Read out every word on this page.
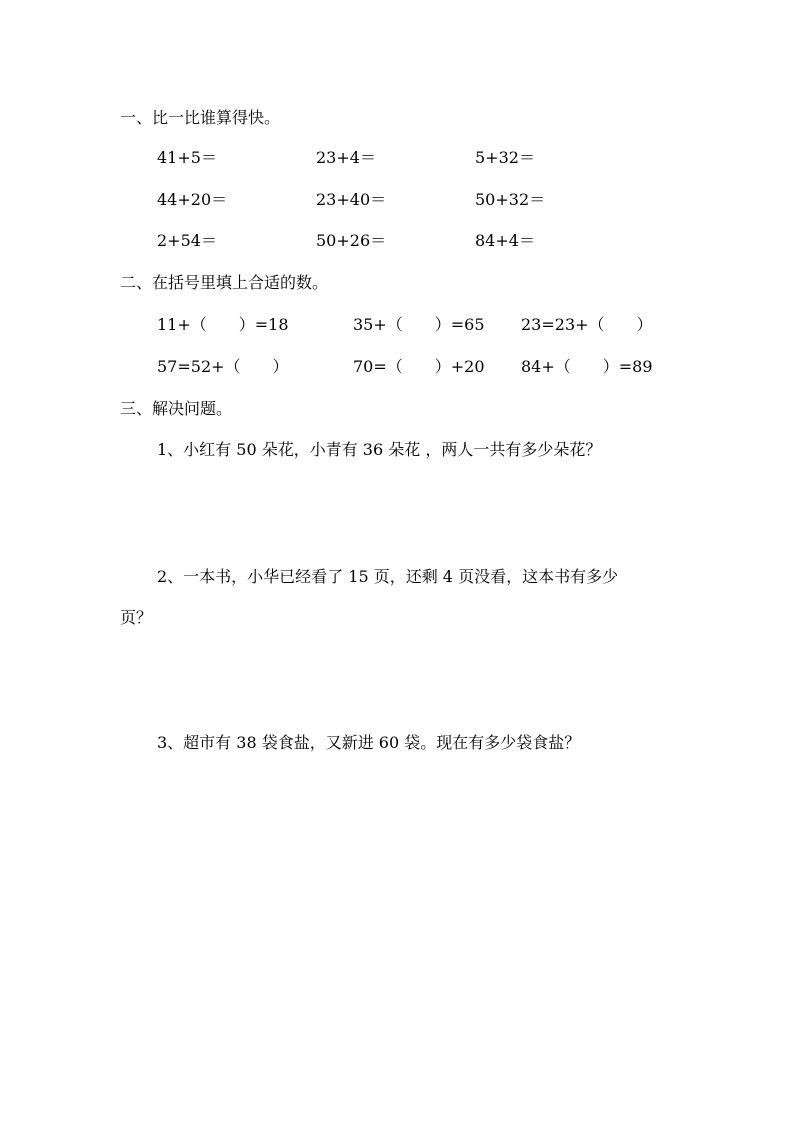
一、比一比谁算得快。
41+5＝	23+4＝	5+32＝
44+20＝	23+40＝	50+32＝
2+54＝	50+26＝	84+4＝
二、在括号里填上合适的数。
11+（　　）=18	35+（　　）=65 23=23+（　　）
57=52+（　　）	70=（　　）+20 84+（　　）=89
三、解决问题。
1、小红有 50 朵花，小青有 36 朵花 ，两人一共有多少朵花？
2、一本书，小华已经看了 15 页，还剩 4 页没看，这本书有多少
页？
3、超市有 38 袋食盐，又新进 60 袋。现在有多少袋食盐？
